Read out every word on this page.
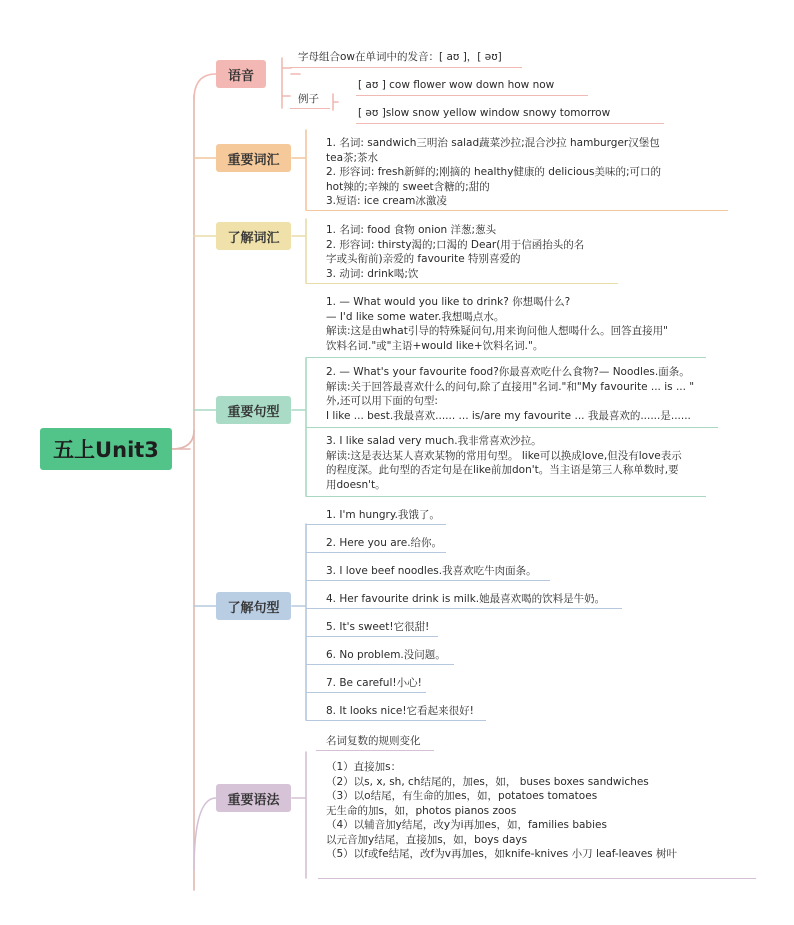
五上Unit3
语音
重要词汇
了解词汇
重要句型
了解句型
重要语法
字母组合ow在单词中的发音：[ aʊ ]，[ əʊ]
例子
[ aʊ ] cow flower wow down how now
[ əʊ ]slow snow yellow window snowy tomorrow
1. 名词: sandwich三明治 salad蔬菜沙拉;混合沙拉 hamburger汉堡包
tea茶;茶水
2. 形容词: fresh新鲜的;刚摘的 healthy健康的 delicious美味的;可口的
hot辣的;辛辣的 sweet含糖的;甜的
3.短语: ice cream冰激凌
1. 名词: food 食物 onion 洋葱;葱头
2. 形容词: thirsty渴的;口渴的 Dear(用于信函抬头的名
字或头衔前)亲爱的 favourite 特别喜爱的
3. 动词: drink喝;饮
1. — What would you like to drink? 你想喝什么?
— I'd like some water.我想喝点水。
解读:这是由what引导的特殊疑问句,用来询问他人想喝什么。回答直接用"
饮料名词."或"主语+would like+饮料名词."。
2. — What's your favourite food?你最喜欢吃什么食物?— Noodles.面条。
解读:关于回答最喜欢什么的问句,除了直接用"名词."和"My favourite ... is ... "
外,还可以用下面的句型:
I like ... best.我最喜欢...... ... is/are my favourite ... 我最喜欢的......是......
3. I like salad very much.我非常喜欢沙拉。
解读:这是表达某人喜欢某物的常用句型。 like可以换成love,但没有love表示
的程度深。此句型的否定句是在like前加don't。当主语是第三人称单数时,要
用doesn't。
1. I'm hungry.我饿了。
2. Here you are.给你。
3. I love beef noodles.我喜欢吃牛肉面条。
4. Her favourite drink is milk.她最喜欢喝的饮料是牛奶。
5. It's sweet!它很甜!
6. No problem.没问题。
7. Be careful!小心!
8. It looks nice!它看起来很好!
名词复数的规则变化
（1）直接加s：
（2）以s, x, sh, ch结尾的，加es，如， buses boxes sandwiches
（3）以o结尾，有生命的加es，如，potatoes tomatoes
无生命的加s，如，photos pianos zoos
（4）以辅音加y结尾，改y为i再加es，如，families babies
以元音加y结尾，直接加s，如，boys days
（5）以f或fe结尾，改f为v再加es，如knife-knives 小刀 leaf-leaves 树叶
